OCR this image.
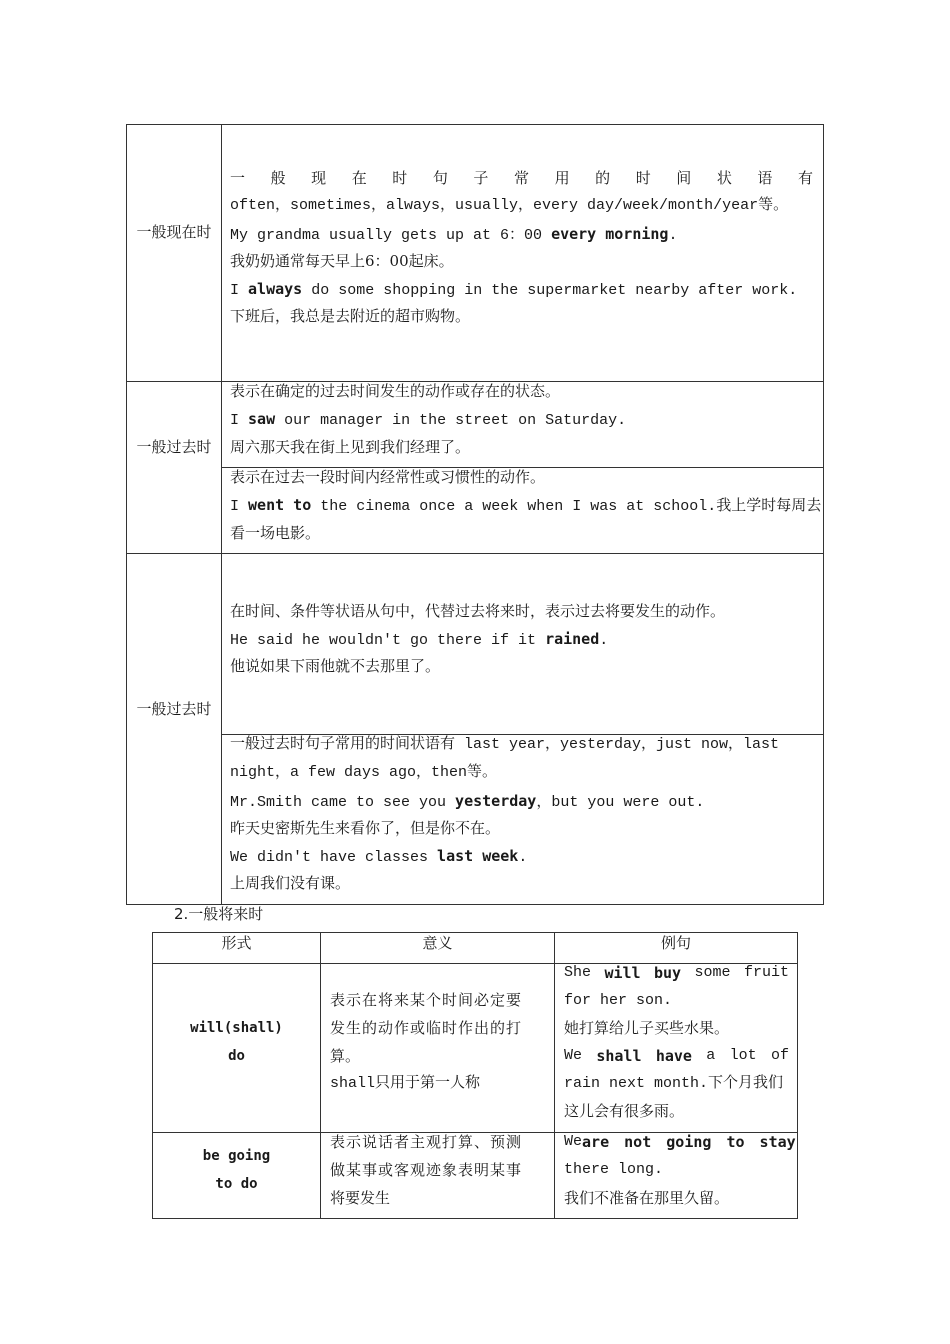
一般现在时
一般现在时句子常用的时间状语有
often，sometimes，always，usually，every day/week/month/year等。
My grandma usually gets up at 6：00 every morning.
我奶奶通常每天早上6：00起床。
I always do some shopping in the supermarket nearby after work.
下班后，我总是去附近的超市购物。
一般过去时
表示在确定的过去时间发生的动作或存在的状态。
I saw our manager in the street on Saturday.
周六那天我在街上见到我们经理了。
表示在过去一段时间内经常性或习惯性的动作。
I went to the cinema once a week when I was at school.我上学时每周去
看一场电影。
一般过去时
在时间、条件等状语从句中，代替过去将来时，表示过去将要发生的动作。
He said he wouldn't go there if it rained.
他说如果下雨他就不去那里了。
一般过去时句子常用的时间状语有 last year，yesterday，just now，last
night，a few days ago，then等。
Mr.Smith came to see you yesterday，but you were out.
昨天史密斯先生来看你了，但是你不在。
We didn't have classes last week.
上周我们没有课。
2.一般将来时
形式	意义	例句
will(shall)
do
表示在将来某个时间必定要
发生的动作或临时作出的打
算。
shall只用于第一人称
She will buy some fruit
for her son.
她打算给儿子买些水果。
We shall have a lot of
rain next month.下个月我们
这儿会有很多雨。
be going
to do
表示说话者主观打算、预测
做某事或客观迹象表明某事
将要发生
We are not going to stay
there long.
我们不准备在那里久留。
